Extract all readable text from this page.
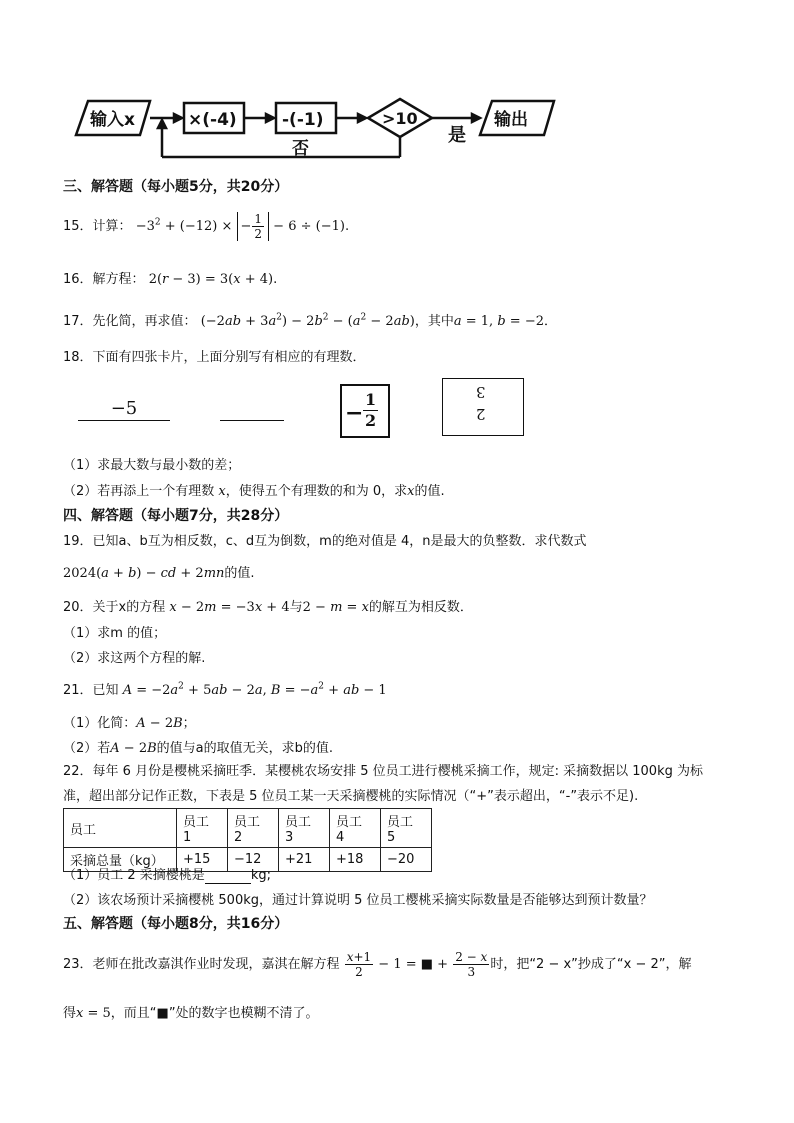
输入x	×(-4)	-(-1)	>10
是
否
输出
三、解答题（每小题5分，共20分）
15．计算： $-3^2 + (-12)$ × − $\frac{1}{2} - 6 \div (-1)$.
16．解方程： 2(r − 3) = 3(x + 4).
17．先化简，再求值： $(-2ab + 3a^2) - 2b^2 - (a^2 - 2ab)$，其中a = 1, b = −2．
18．下面有四张卡片，上面分别写有相应的有理数．
−5	− $\frac{1}{2}$	3
2
（1）求最大数与最小数的差；
（2）若再添上一个有理数 x，使得五个有理数的和为 0，求x的值.
四、解答题（每小题7分，共28分）
19．已知a、b互为相反数，c、d互为倒数，m的绝对值是 4，n是最大的负整数．求代数式
2024(a + b) − cd + 2mn的值.
20．关于x的方程 x − 2m = −3x + 4与2 − m = x的解互为相反数．
（1）求m 的值；
（2）求这两个方程的解.
21．已知 $A = -2a^2 + 5ab - 2a$, $B = -a^2$ + ab − 1
（1）化简：A − 2B；
（2）若A − 2B的值与a的取值无关，求b的值.
22．每年 6 月份是樱桃采摘旺季．某樱桃农场安排 5 位员工进行樱桃采摘工作，规定: 采摘数据以 100kg 为标
准，超出部分记作正数，下表是 5 位员工某一天采摘樱桃的实际情况（“+”表示超出，“-”表示不足).
员工	员工 1	员工 2	员工 3	员工 4	员工 5
采摘总量（kg）	+15	−12	+21	+18	−20
（1）员工 2 采摘樱桃是	kg;
（2）该农场预计采摘樱桃 500kg，通过计算说明 5 位员工樱桃采摘实际数量是否能够达到预计数量？
五、解答题（每小题8分，共16分）
23．老师在批改嘉淇作业时发现，嘉淇在解方程 $\frac{x+1}{2} - 1$ = ■ + $\frac{2 - x}{3}$ 时，把“2 − x”抄成了“x − 2”，解
得x = 5，而且“■”处的数字也模糊不清了。
